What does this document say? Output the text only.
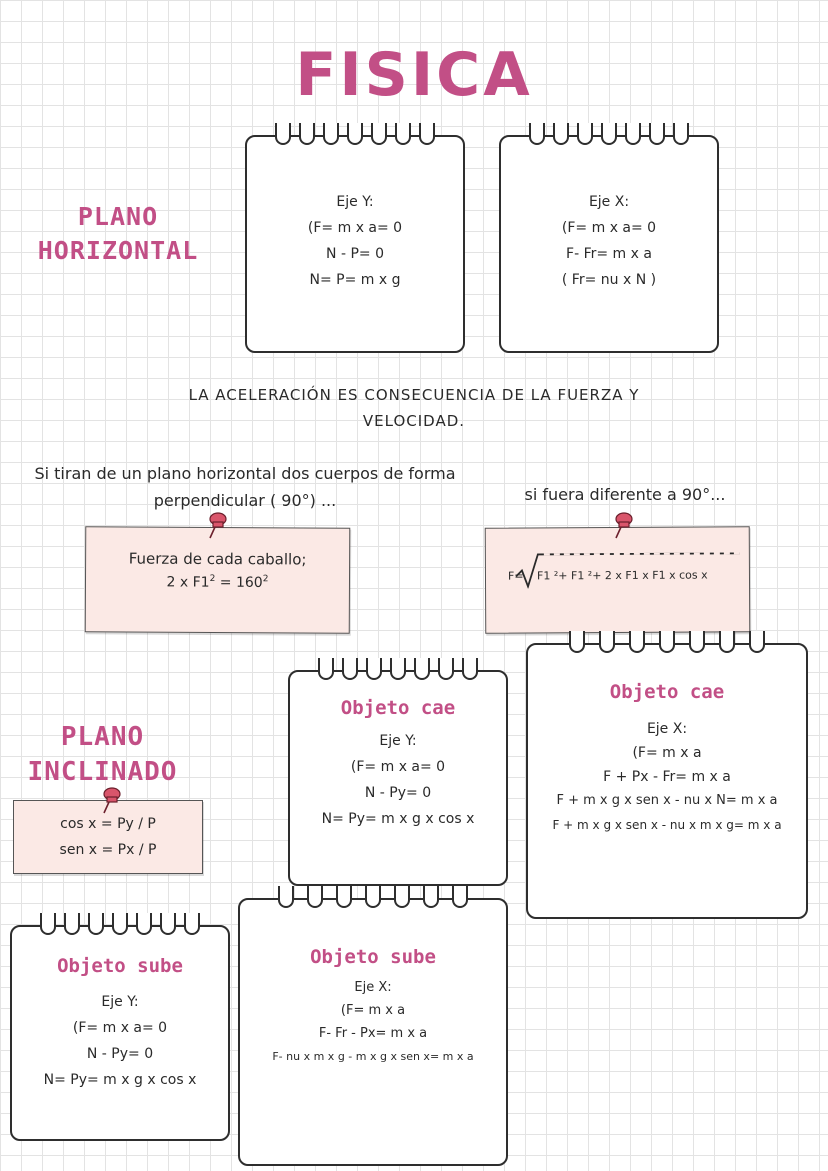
FISICA
PLANO
HORIZONTAL
Eje Y:
(F= m x a= 0
N - P= 0
N= P= m x g
Eje X:
(F= m x a= 0
F- Fr= m x a
( Fr= nu x N )
LA ACELERACIÓN ES CONSECUENCIA DE LA FUERZA Y
VELOCIDAD.
Si tiran de un plano horizontal dos cuerpos de forma
perpendicular ( 90°) ...	si fuera diferente a 90°...
Fuerza de cada caballo;
2 x $F1^2 = 160^2$	F= F1 ²+ F1 ²+ 2 x F1 x F1 x cos x
PLANO
INCLINADO
cos x = Py / P
sen x = Px / P
Objeto cae
Eje Y:
(F= m x a= 0
N - Py= 0
N= Py= m x g x cos x
Objeto cae
Eje X:
(F= m x a
F + Px - Fr= m x a
F + m x g x sen x - nu x N= m x a
F + m x g x sen x - nu x m x g= m x a
Objeto sube
Eje Y:
(F= m x a= 0
N - Py= 0
N= Py= m x g x cos x
Objeto sube
Eje X:
(F= m x a
F- Fr - Px= m x a
F- nu x m x g - m x g x sen x= m x a
